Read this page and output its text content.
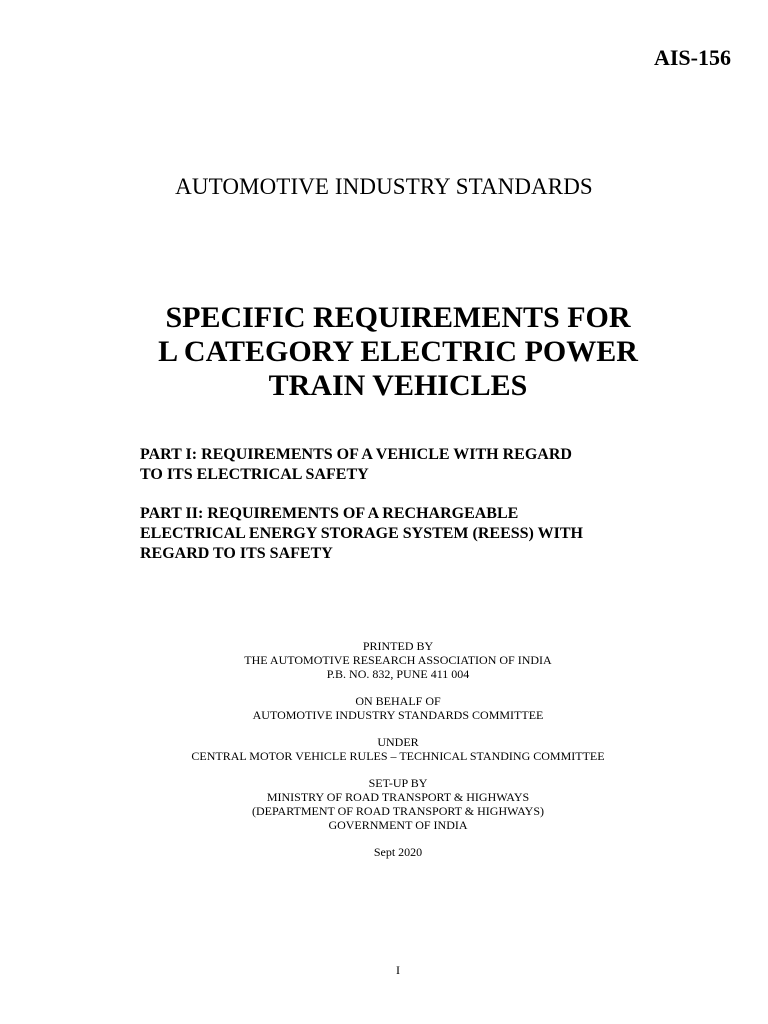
AIS-156
AUTOMOTIVE INDUSTRY STANDARDS
SPECIFIC REQUIREMENTS FOR
L CATEGORY ELECTRIC POWER
TRAIN VEHICLES
PART I: REQUIREMENTS OF A VEHICLE WITH REGARD
TO ITS ELECTRICAL SAFETY
PART II: REQUIREMENTS OF A RECHARGEABLE
ELECTRICAL ENERGY STORAGE SYSTEM (REESS) WITH
REGARD TO ITS SAFETY
PRINTED BY
THE AUTOMOTIVE RESEARCH ASSOCIATION OF INDIA
P.B. NO. 832, PUNE 411 004
ON BEHALF OF
AUTOMOTIVE INDUSTRY STANDARDS COMMITTEE
UNDER
CENTRAL MOTOR VEHICLE RULES – TECHNICAL STANDING COMMITTEE
SET-UP BY
MINISTRY OF ROAD TRANSPORT & HIGHWAYS
(DEPARTMENT OF ROAD TRANSPORT & HIGHWAYS)
GOVERNMENT OF INDIA
Sept 2020
I
